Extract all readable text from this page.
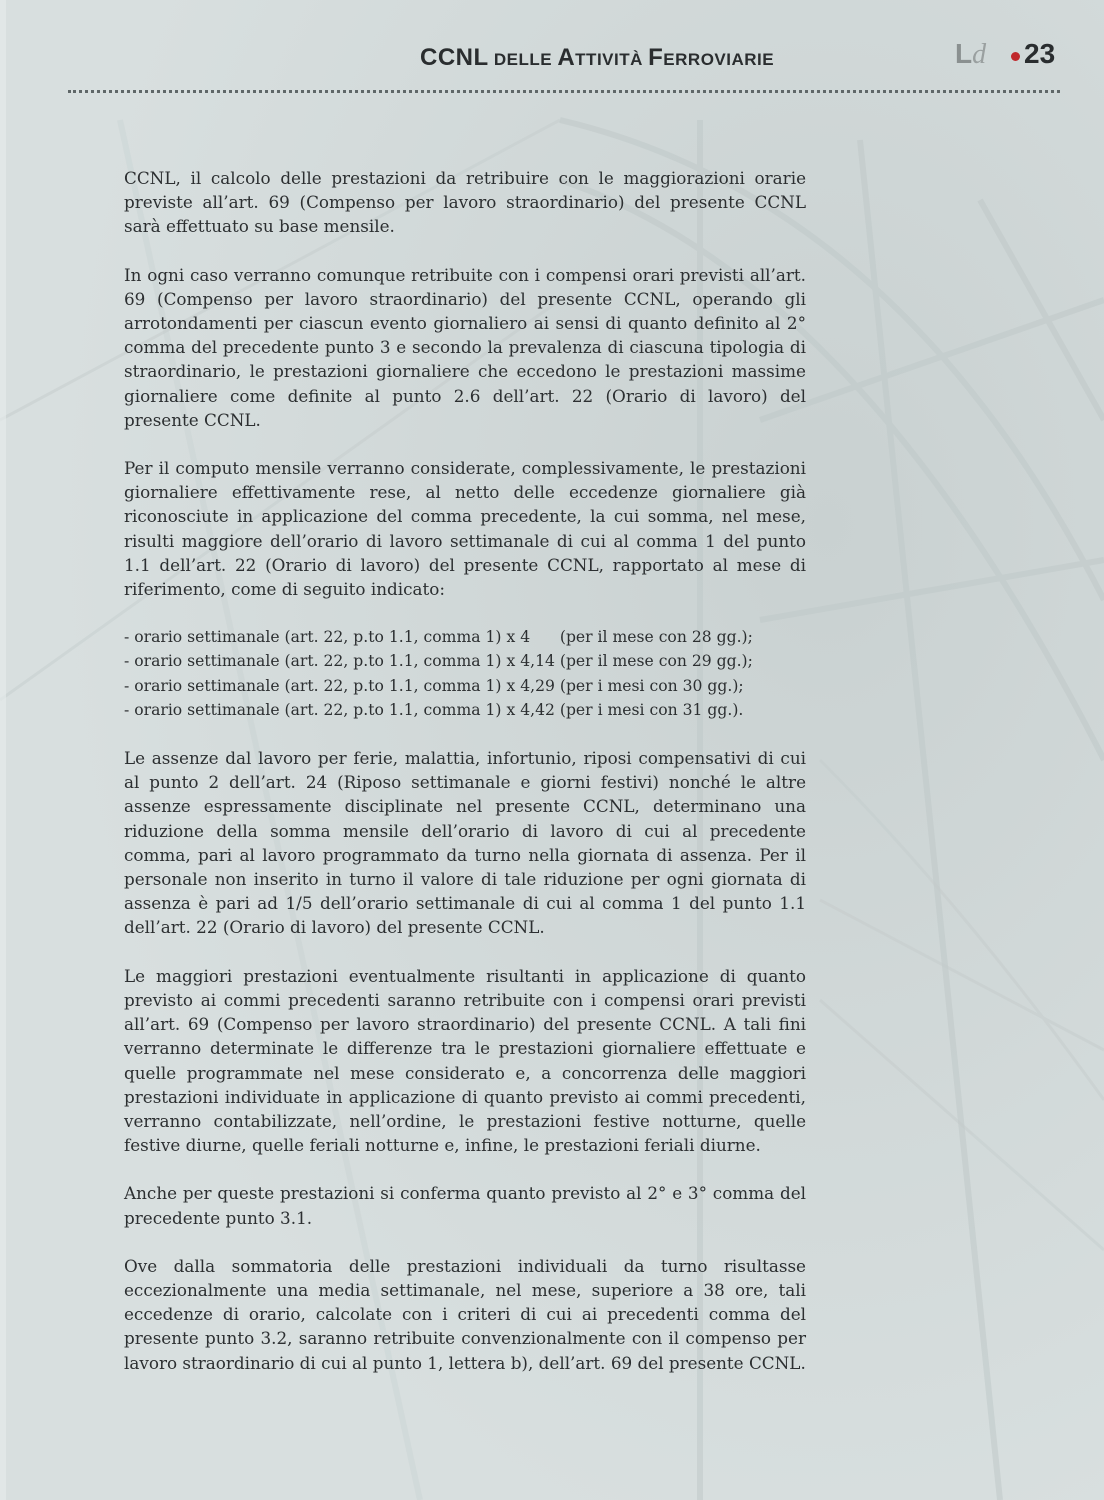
CCNL DELLE ATTIVITÀ FERROVIARIE	Ld 23

CCNL, il calcolo delle prestazioni da retribuire con le maggiorazioni orarie previste all’art. 69 (Compenso per lavoro straordinario) del presente CCNL sarà effettuato su base mensile.

In ogni caso verranno comunque retribuite con i compensi orari previsti all’art. 69 (Compenso per lavoro straordinario) del presente CCNL, operando gli arrotondamenti per ciascun evento giornaliero ai sensi di quanto definito al 2° comma del precedente punto 3 e secondo la prevalenza di ciascuna tipologia di straordinario, le prestazioni giornaliere che eccedono le prestazioni massime giornaliere come definite al punto 2.6 dell’art. 22 (Orario di lavoro) del presente CCNL.

Per il computo mensile verranno considerate, complessivamente, le prestazioni giornaliere effettivamente rese, al netto delle eccedenze giornaliere già riconosciute in applicazione del comma precedente, la cui somma, nel mese, risulti maggiore dell’orario di lavoro settimanale di cui al comma 1 del punto 1.1 dell’art. 22 (Orario di lavoro) del presente CCNL, rapportato al mese di riferimento, come di seguito indicato:

- orario settimanale (art. 22, p.to 1.1, comma 1) x 4      (per il mese con 28 gg.);
- orario settimanale (art. 22, p.to 1.1, comma 1) x 4,14 (per il mese con 29 gg.);
- orario settimanale (art. 22, p.to 1.1, comma 1) x 4,29 (per i mesi con 30 gg.);
- orario settimanale (art. 22, p.to 1.1, comma 1) x 4,42 (per i mesi con 31 gg.).

Le assenze dal lavoro per ferie, malattia, infortunio, riposi compensativi di cui al punto 2 dell’art. 24 (Riposo settimanale e giorni festivi) nonché le altre assenze espressamente disciplinate nel presente CCNL, determinano una riduzione della somma mensile dell’orario di lavoro di cui al precedente comma, pari al lavoro programmato da turno nella giornata di assenza. Per il personale non inserito in turno il valore di tale riduzione per ogni giornata di assenza è pari ad 1/5 dell’orario settimanale di cui al comma 1 del punto 1.1 dell’art. 22 (Orario di lavoro) del presente CCNL.

Le maggiori prestazioni eventualmente risultanti in applicazione di quanto previsto ai commi precedenti saranno retribuite con i compensi orari previsti all’art. 69 (Compenso per lavoro straordinario) del presente CCNL. A tali fini verranno determinate le differenze tra le prestazioni giornaliere effettuate e quelle programmate nel mese considerato e, a concorrenza delle maggiori prestazioni individuate in applicazione di quanto previsto ai commi precedenti, verranno contabilizzate, nell’ordine, le prestazioni festive notturne, quelle festive diurne, quelle feriali notturne e, infine, le prestazioni feriali diurne.

Anche per queste prestazioni si conferma quanto previsto al 2° e 3° comma del precedente punto 3.1.

Ove dalla sommatoria delle prestazioni individuali da turno risultasse eccezionalmente una media settimanale, nel mese, superiore a 38 ore, tali eccedenze di orario, calcolate con i criteri di cui ai precedenti comma del presente punto 3.2, saranno retribuite convenzionalmente con il compenso per lavoro straordinario di cui al punto 1, lettera b), dell’art. 69 del presente CCNL.
